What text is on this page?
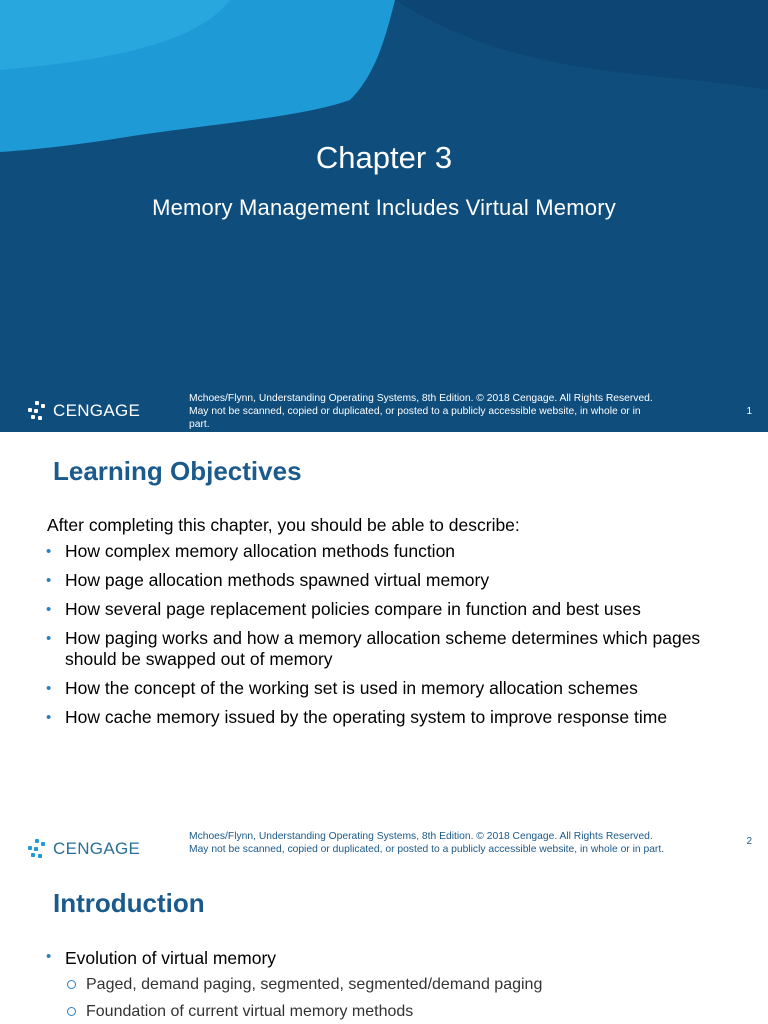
Chapter 3
Memory Management Includes Virtual Memory
CENGAGE
Mchoes/Flynn, Understanding Operating Systems, 8th Edition. © 2018 Cengage. All Rights Reserved.
May not be scanned, copied or duplicated, or posted to a publicly accessible website, in whole or in
part.
1
Learning Objectives
After completing this chapter, you should be able to describe:
• How complex memory allocation methods function
• How page allocation methods spawned virtual memory
• How several page replacement policies compare in function and best uses
• How paging works and how a memory allocation scheme determines which pages should be swapped out of memory
• How the concept of the working set is used in memory allocation schemes
• How cache memory issued by the operating system to improve response time
CENGAGE
Mchoes/Flynn, Understanding Operating Systems, 8th Edition. © 2018 Cengage. All Rights Reserved.
May not be scanned, copied or duplicated, or posted to a publicly accessible website, in whole or in part.
2
Introduction
• Evolution of virtual memory
Paged, demand paging, segmented, segmented/demand paging
Foundation of current virtual memory methods
